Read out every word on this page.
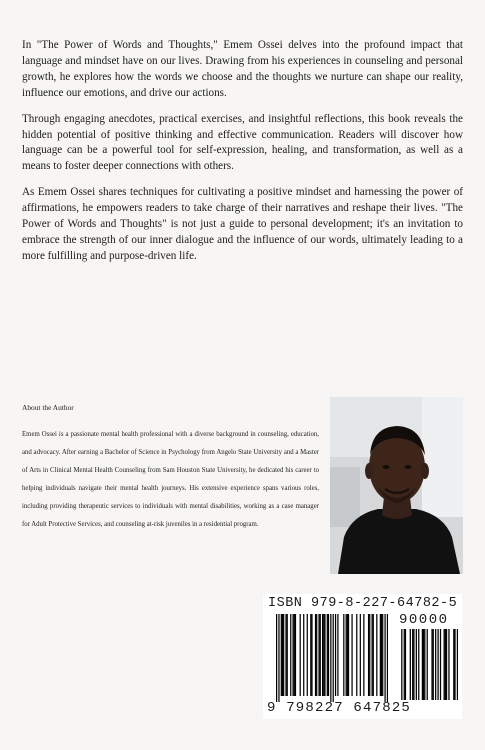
In "The Power of Words and Thoughts," Emem Ossei delves into the profound impact that language and mindset have on our lives. Drawing from his experiences in counseling and personal growth, he explores how the words we choose and the thoughts we nurture can shape our reality, influence our emotions, and drive our actions.

Through engaging anecdotes, practical exercises, and insightful reflections, this book reveals the hidden potential of positive thinking and effective communication. Readers will discover how language can be a powerful tool for self-expression, healing, and transformation, as well as a means to foster deeper connections with others.

As Emem Ossei shares techniques for cultivating a positive mindset and harnessing the power of affirmations, he empowers readers to take charge of their narratives and reshape their lives. "The Power of Words and Thoughts" is not just a guide to personal development; it's an invitation to embrace the strength of our inner dialogue and the influence of our words, ultimately leading to a more fulfilling and purpose-driven life.

About the Author
Emem Ossei is a passionate mental health professional with a diverse background in counseling, education, and advocacy. After earning a Bachelor of Science in Psychology from Angelo State University and a Master of Arts in Clinical Mental Health Counseling from Sam Houston State University, he dedicated his career to helping individuals navigate their mental health journeys. His extensive experience spans various roles, including providing therapeutic services to individuals with mental disabilities, working as a case manager for Adult Protective Services, and counseling at-risk juveniles in a residential program.
ISBN 979-8-227-64782-5
90000
9 798227 647825
